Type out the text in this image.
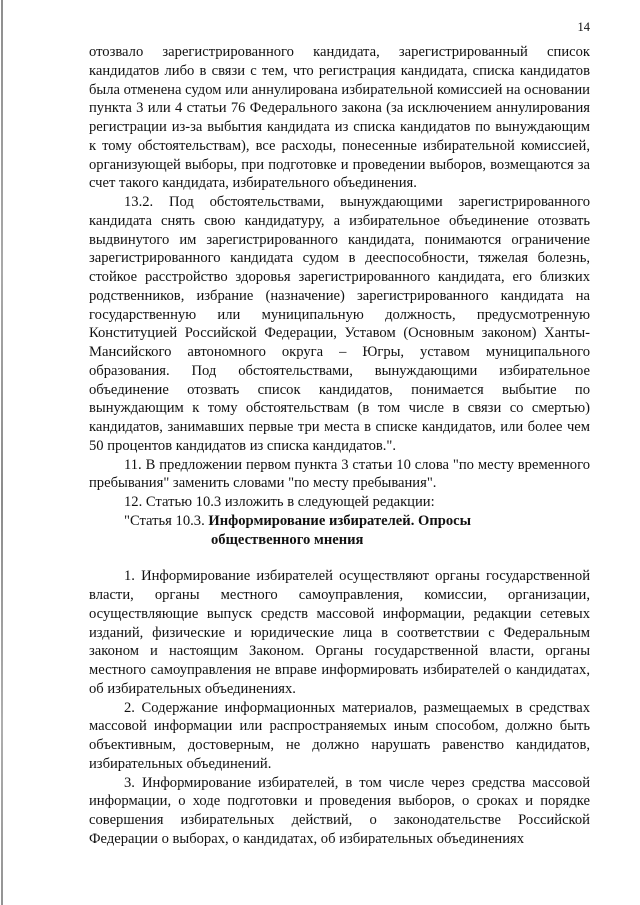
14

отозвало зарегистрированного кандидата, зарегистрированный список кандидатов либо в связи с тем, что регистрация кандидата, списка кандидатов была отменена судом или аннулирована избирательной комиссией на основании пункта 3 или 4 статьи 76 Федерального закона (за исключением аннулирования регистрации из-за выбытия кандидата из списка кандидатов по вынуждающим к тому обстоятельствам), все расходы, понесенные избирательной комиссией, организующей выборы, при подготовке и проведении выборов, возмещаются за счет такого кандидата, избирательного объединения.

13.2. Под обстоятельствами, вынуждающими зарегистрированного кандидата снять свою кандидатуру, а избирательное объединение отозвать выдвинутого им зарегистрированного кандидата, понимаются ограничение зарегистрированного кандидата судом в дееспособности, тяжелая болезнь, стойкое расстройство здоровья зарегистрированного кандидата, его близких родственников, избрание (назначение) зарегистрированного кандидата на государственную или муниципальную должность, предусмотренную Конституцией Российской Федерации, Уставом (Основным законом) Ханты-Мансийского автономного округа – Югры, уставом муниципального образования. Под обстоятельствами, вынуждающими избирательное объединение отозвать список кандидатов, понимается выбытие по вынуждающим к тому обстоятельствам (в том числе в связи со смертью) кандидатов, занимавших первые три места в списке кандидатов, или более чем 50 процентов кандидатов из списка кандидатов.".

11. В предложении первом пункта 3 статьи 10 слова "по месту временного пребывания" заменить словами "по месту пребывания".

12. Статью 10.3 изложить в следующей редакции:

"Статья 10.3. Информирование избирателей. Опросы

общественного мнения

1. Информирование избирателей осуществляют органы государственной власти, органы местного самоуправления, комиссии, организации, осуществляющие выпуск средств массовой информации, редакции сетевых изданий, физические и юридические лица в соответствии с Федеральным законом и настоящим Законом. Органы государственной власти, органы местного самоуправления не вправе информировать избирателей о кандидатах, об избирательных объединениях.

2. Содержание информационных материалов, размещаемых в средствах массовой информации или распространяемых иным способом, должно быть объективным, достоверным, не должно нарушать равенство кандидатов, избирательных объединений.

3. Информирование избирателей, в том числе через средства массовой информации, о ходе подготовки и проведения выборов, о сроках и порядке совершения избирательных действий, о законодательстве Российской Федерации о выборах, о кандидатах, об избирательных объединениях
